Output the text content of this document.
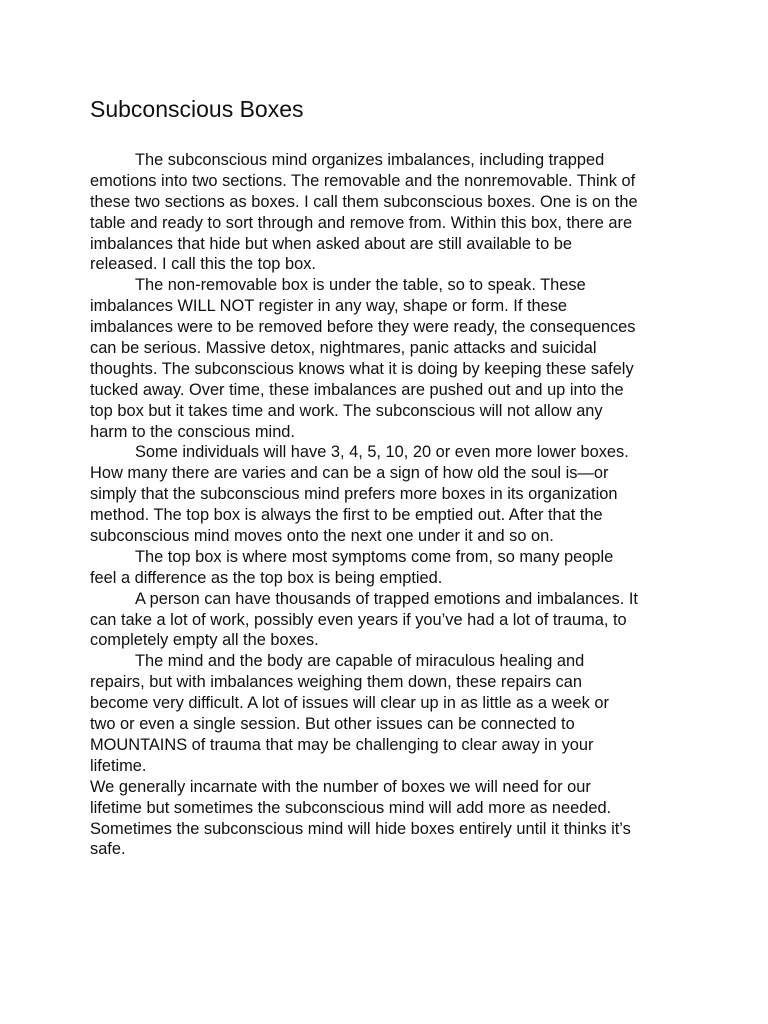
Subconscious Boxes
The subconscious mind organizes imbalances, including trapped
emotions into two sections. The removable and the nonremovable. Think of
these two sections as boxes. I call them subconscious boxes. One is on the
table and ready to sort through and remove from. Within this box, there are
imbalances that hide but when asked about are still available to be
released. I call this the top box.
The non-removable box is under the table, so to speak. These
imbalances WILL NOT register in any way, shape or form. If these
imbalances were to be removed before they were ready, the consequences
can be serious. Massive detox, nightmares, panic attacks and suicidal
thoughts. The subconscious knows what it is doing by keeping these safely
tucked away. Over time, these imbalances are pushed out and up into the
top box but it takes time and work. The subconscious will not allow any
harm to the conscious mind.
Some individuals will have 3, 4, 5, 10, 20 or even more lower boxes.
How many there are varies and can be a sign of how old the soul is—or
simply that the subconscious mind prefers more boxes in its organization
method. The top box is always the first to be emptied out. After that the
subconscious mind moves onto the next one under it and so on.
The top box is where most symptoms come from, so many people
feel a difference as the top box is being emptied.
A person can have thousands of trapped emotions and imbalances. It
can take a lot of work, possibly even years if you’ve had a lot of trauma, to
completely empty all the boxes.
The mind and the body are capable of miraculous healing and
repairs, but with imbalances weighing them down, these repairs can
become very difficult. A lot of issues will clear up in as little as a week or
two or even a single session. But other issues can be connected to
MOUNTAINS of trauma that may be challenging to clear away in your
lifetime.
We generally incarnate with the number of boxes we will need for our
lifetime but sometimes the subconscious mind will add more as needed.
Sometimes the subconscious mind will hide boxes entirely until it thinks it’s
safe.
